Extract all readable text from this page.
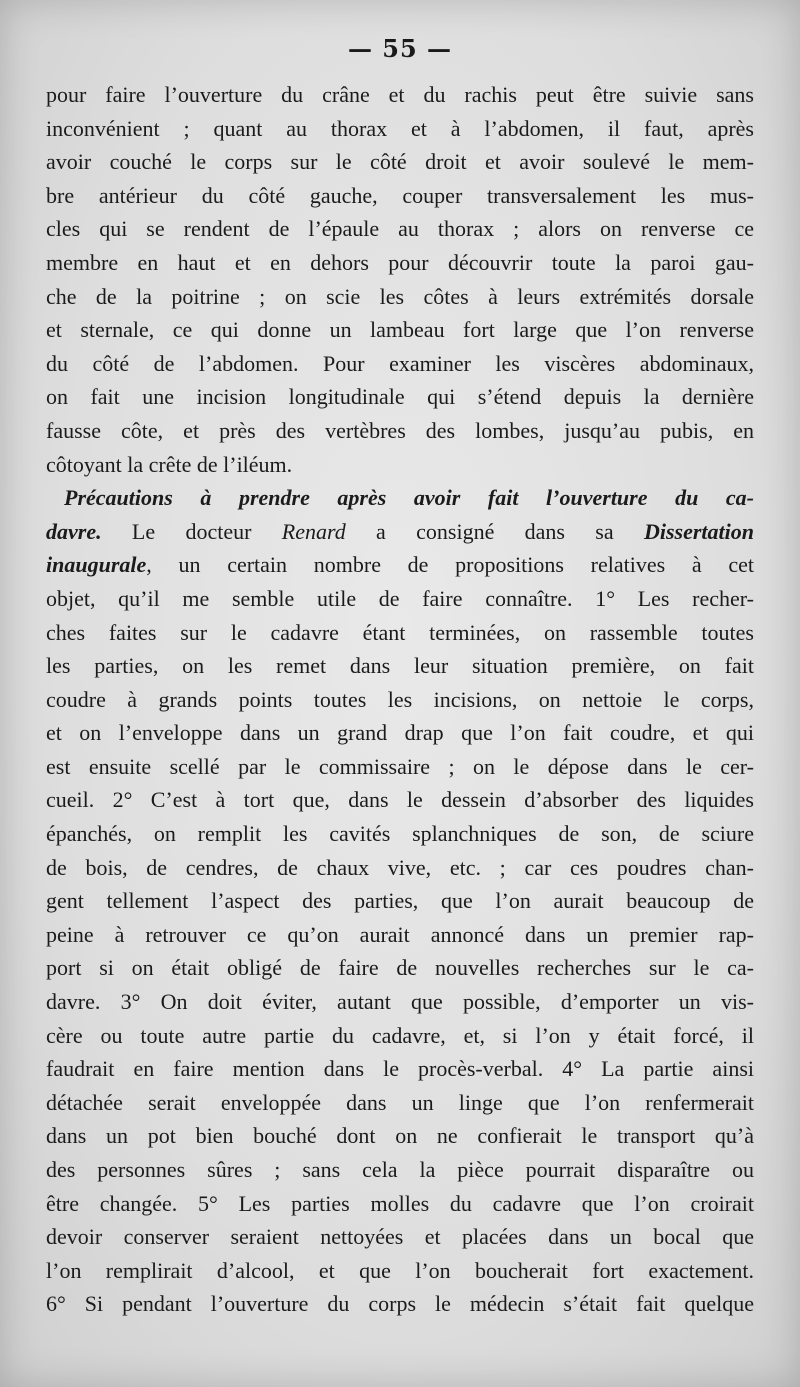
— 55 —
pour faire l’ouverture du crâne et du rachis peut être suivie sans
inconvénient ; quant au thorax et à l’abdomen, il faut, après
avoir couché le corps sur le côté droit et avoir soulevé le mem-
bre antérieur du côté gauche, couper transversalement les mus-
cles qui se rendent de l’épaule au thorax ; alors on renverse ce
membre en haut et en dehors pour découvrir toute la paroi gau-
che de la poitrine ; on scie les côtes à leurs extrémités dorsale
et sternale, ce qui donne un lambeau fort large que l’on renverse
du côté de l’abdomen. Pour examiner les viscères abdominaux,
on fait une incision longitudinale qui s’étend depuis la dernière
fausse côte, et près des vertèbres des lombes, jusqu’au pubis, en
côtoyant la crête de l’iléum.
Précautions à prendre après avoir fait l’ouverture du ca-
davre. Le docteur Renard a consigné dans sa Dissertation
inaugurale, un certain nombre de propositions relatives à cet
objet, qu’il me semble utile de faire connaître. 1° Les recher-
ches faites sur le cadavre étant terminées, on rassemble toutes
les parties, on les remet dans leur situation première, on fait
coudre à grands points toutes les incisions, on nettoie le corps,
et on l’enveloppe dans un grand drap que l’on fait coudre, et qui
est ensuite scellé par le commissaire ; on le dépose dans le cer-
cueil. 2° C’est à tort que, dans le dessein d’absorber des liquides
épanchés, on remplit les cavités splanchniques de son, de sciure
de bois, de cendres, de chaux vive, etc. ; car ces poudres chan-
gent tellement l’aspect des parties, que l’on aurait beaucoup de
peine à retrouver ce qu’on aurait annoncé dans un premier rap-
port si on était obligé de faire de nouvelles recherches sur le ca-
davre. 3° On doit éviter, autant que possible, d’emporter un vis-
cère ou toute autre partie du cadavre, et, si l’on y était forcé, il
faudrait en faire mention dans le procès-verbal. 4° La partie ainsi
détachée serait enveloppée dans un linge que l’on renfermerait
dans un pot bien bouché dont on ne confierait le transport qu’à
des personnes sûres ; sans cela la pièce pourrait disparaître ou
être changée. 5° Les parties molles du cadavre que l’on croirait
devoir conserver seraient nettoyées et placées dans un bocal que
l’on remplirait d’alcool, et que l’on boucherait fort exactement.
6° Si pendant l’ouverture du corps le médecin s’était fait quelque
